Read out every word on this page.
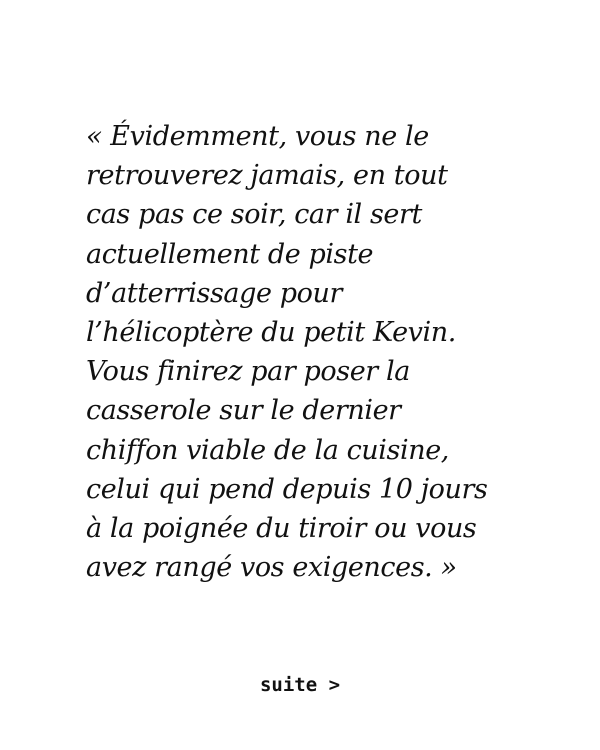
« Évidemment, vous ne le
retrouverez jamais, en tout
cas pas ce soir, car il sert
actuellement de piste
d’atterrissage pour
l’hélicoptère du petit Kevin.
Vous finirez par poser la
casserole sur le dernier
chiffon viable de la cuisine,
celui qui pend depuis 10 jours
à la poignée du tiroir ou vous
avez rangé vos exigences. »

suite >
